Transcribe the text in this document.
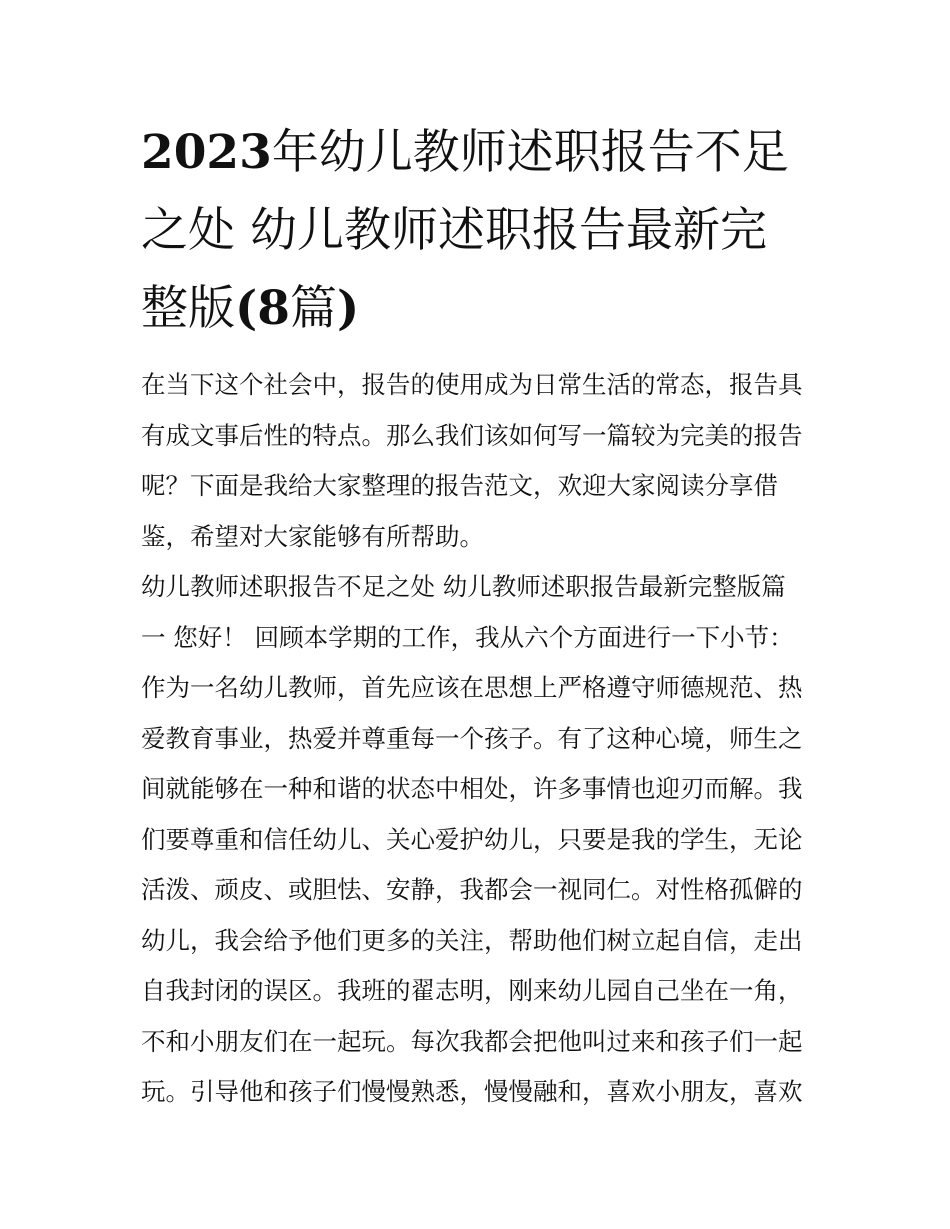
2023年幼儿教师述职报告不足
之处 幼儿教师述职报告最新完
整版(8篇)
在当下这个社会中，报告的使用成为日常生活的常态，报告具
有成文事后性的特点。那么我们该如何写一篇较为完美的报告
呢？下面是我给大家整理的报告范文，欢迎大家阅读分享借
鉴，希望对大家能够有所帮助。
幼儿教师述职报告不足之处 幼儿教师述职报告最新完整版篇
一 您好！ 回顾本学期的工作，我从六个方面进行一下小节：
作为一名幼儿教师，首先应该在思想上严格遵守师德规范、热
爱教育事业，热爱并尊重每一个孩子。有了这种心境，师生之
间就能够在一种和谐的状态中相处，许多事情也迎刃而解。我
们要尊重和信任幼儿、关心爱护幼儿，只要是我的学生，无论
活泼、顽皮、或胆怯、安静，我都会一视同仁。对性格孤僻的
幼儿，我会给予他们更多的关注，帮助他们树立起自信，走出
自我封闭的误区。我班的翟志明，刚来幼儿园自己坐在一角，
不和小朋友们在一起玩。每次我都会把他叫过来和孩子们一起
玩。引导他和孩子们慢慢熟悉，慢慢融和，喜欢小朋友，喜欢
